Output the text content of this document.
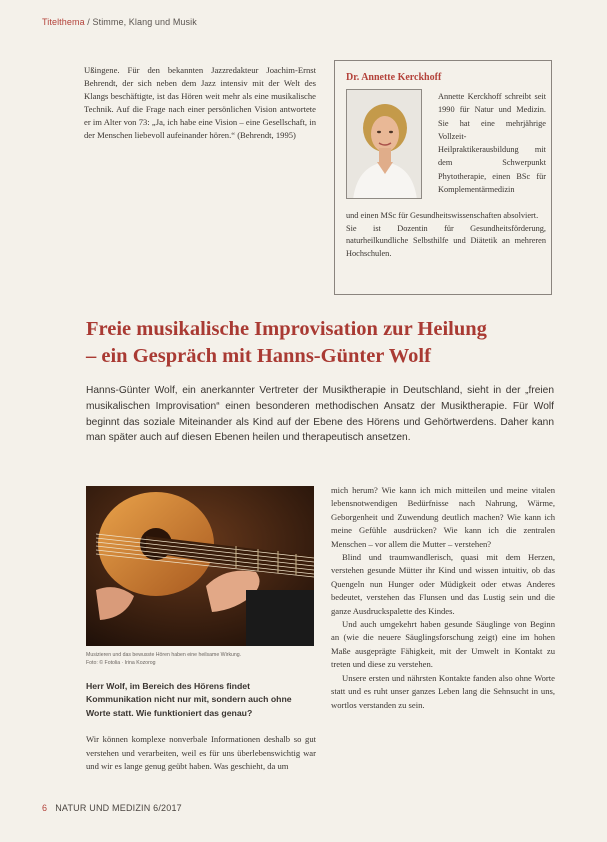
Titelthema / Stimme, Klang und Musik
Ußingene. Für den bekannten Jazzredakteur Joachim-Ernst Behrendt, der sich neben dem Jazz intensiv mit der Welt des Klangs beschäftigte, ist das Hören weit mehr als eine musikalische Technik. Auf die Frage nach einer persönlichen Vision antwortete er im Alter von 73: „Ja, ich habe eine Vision – eine Gesellschaft, in der Menschen liebevoll aufeinander hören.“ (Behrendt, 1995)
Dr. Annette Kerckhoff
Annette Kerckhoff schreibt seit 1990 für Natur und Medizin. Sie hat eine mehrjährige Vollzeit-Heilpraktikerausbildung mit dem Schwerpunkt Phytotherapie, einen BSc für Komplementärmedizin

und einen MSc für Gesundheitswissenschaften absolviert.

Sie ist Dozentin für Gesundheitsförderung, naturheilkundliche Selbsthilfe und Diätetik an mehreren Hochschulen.

Freie musikalische Improvisation zur Heilung
– ein Gespräch mit Hanns-Günter Wolf
Hanns-Günter Wolf, ein anerkannter Vertreter der Musiktherapie in Deutschland, sieht in der „freien musikalischen Improvisation“ einen besonderen methodischen Ansatz der Musiktherapie. Für Wolf beginnt das soziale Miteinander als Kind auf der Ebene des Hörens und Gehörtwerdens. Daher kann man später auch auf diesen Ebenen heilen und therapeutisch ansetzen.
Musizieren und das bewusste Hören haben eine heilsame Wirkung.
Foto: © Fotolia · Irina Kozorog
Herr Wolf, im Bereich des Hörens findet Kommunikation nicht nur mit, sondern auch ohne Worte statt. Wie funktioniert das genau?
Wir können komplexe nonverbale Informationen deshalb so gut verstehen und verarbeiten, weil es für uns überlebenswichtig war und wir es lange genug geübt haben. Was geschieht, da um

mich herum? Wie kann ich mich mitteilen und meine vitalen lebensnotwendigen Bedürfnisse nach Nahrung, Wärme, Geborgenheit und Zuwendung deutlich machen? Wie kann ich meine Gefühle ausdrücken? Wie kann ich die zentralen Menschen – vor allem die Mutter – verstehen?

Blind und traumwandlerisch, quasi mit dem Herzen, verstehen gesunde Mütter ihr Kind und wissen intuitiv, ob das Quengeln nun Hunger oder Müdigkeit oder etwas Anderes bedeutet, verstehen das Flunsen und das Lustig sein und die ganze Ausdruckspalette des Kindes.

Und auch umgekehrt haben gesunde Säuglinge von Beginn an (wie die neuere Säuglingsforschung zeigt) eine im hohen Maße ausgeprägte Fähigkeit, mit der Umwelt in Kontakt zu treten und diese zu verstehen.

Unsere ersten und nährsten Kontakte fanden also ohne Worte statt und es ruht unser ganzes Leben lang die Sehnsucht in uns, wortlos verstanden zu sein.

6 NATUR UND MEDIZIN 6/2017
